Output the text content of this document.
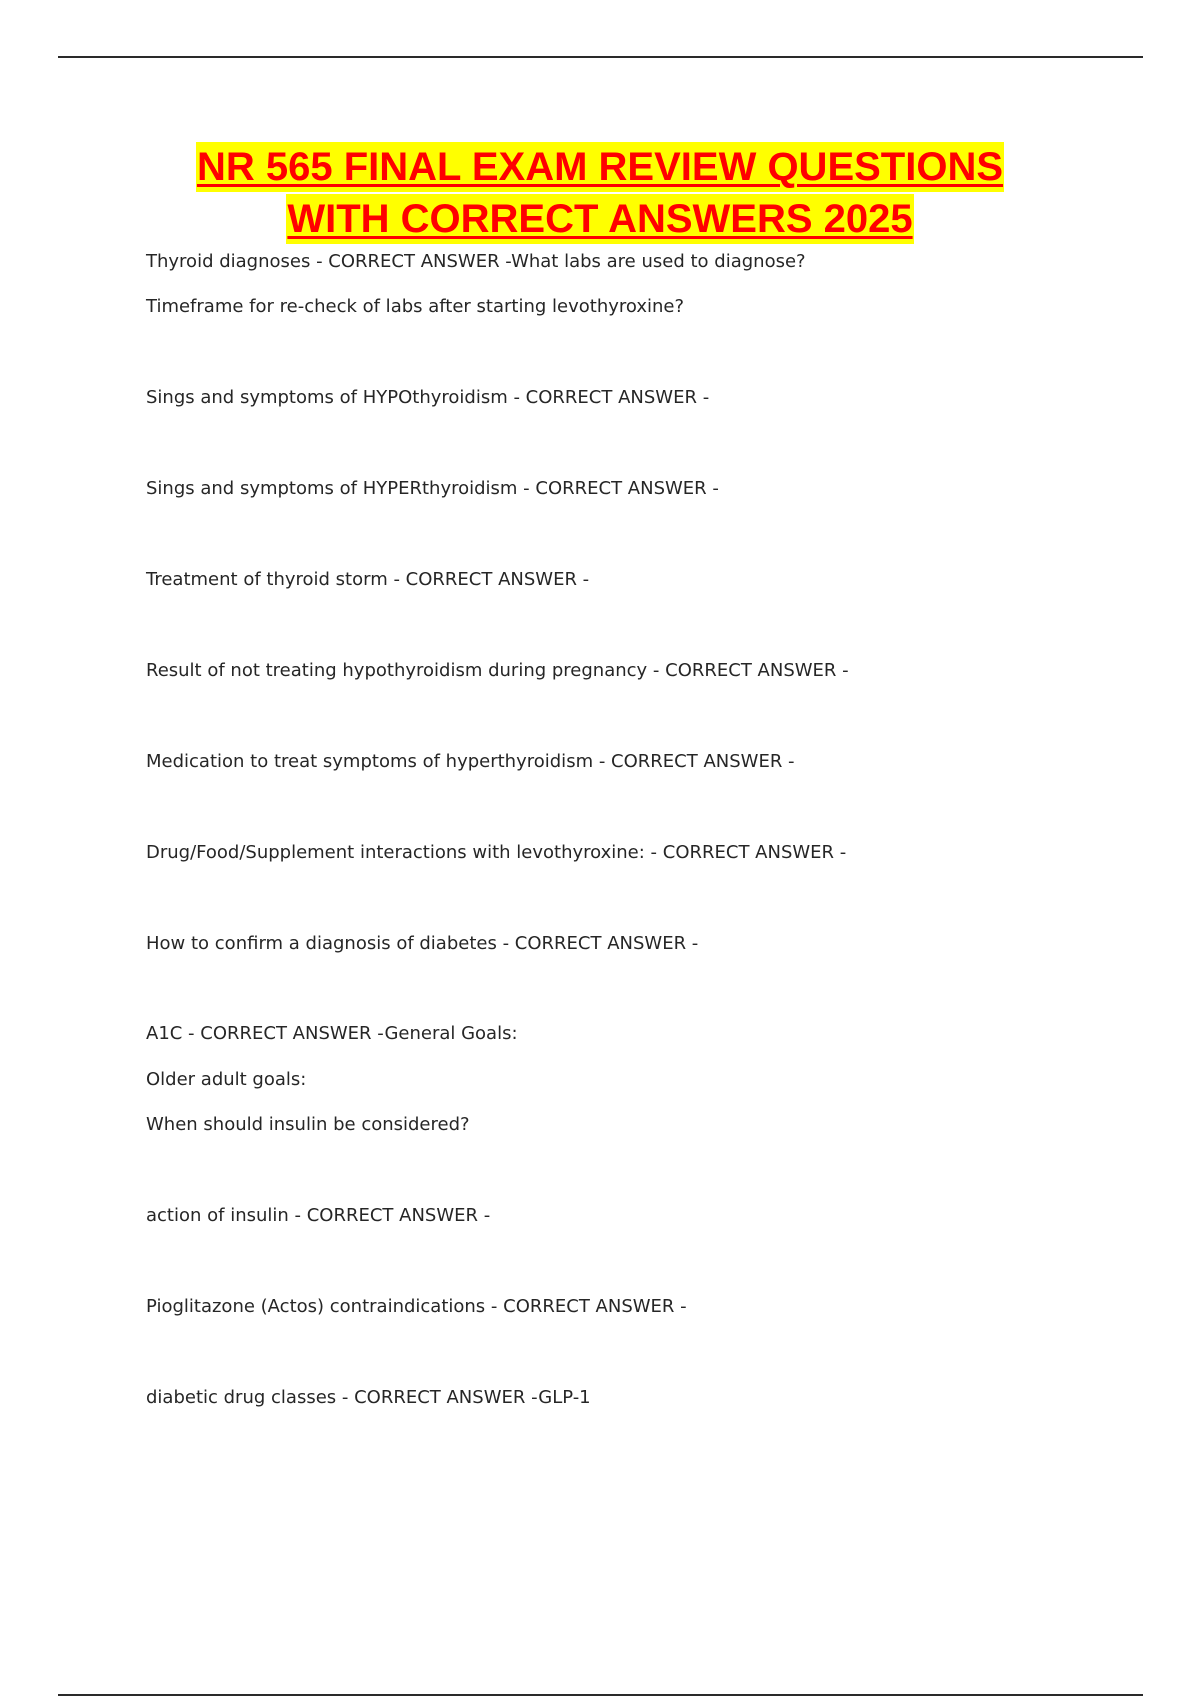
NR 565 FINAL EXAM REVIEW QUESTIONS
WITH CORRECT ANSWERS 2025
Thyroid diagnoses - CORRECT ANSWER -What labs are used to diagnose?
Timeframe for re-check of labs after starting levothyroxine?
Sings and symptoms of HYPOthyroidism - CORRECT ANSWER -
Sings and symptoms of HYPERthyroidism - CORRECT ANSWER -
Treatment of thyroid storm - CORRECT ANSWER -
Result of not treating hypothyroidism during pregnancy - CORRECT ANSWER -
Medication to treat symptoms of hyperthyroidism - CORRECT ANSWER -
Drug/Food/Supplement interactions with levothyroxine: - CORRECT ANSWER -
How to confirm a diagnosis of diabetes - CORRECT ANSWER -
A1C - CORRECT ANSWER -General Goals:
Older adult goals:
When should insulin be considered?
action of insulin - CORRECT ANSWER -
Pioglitazone (Actos) contraindications - CORRECT ANSWER -
diabetic drug classes - CORRECT ANSWER -GLP-1
